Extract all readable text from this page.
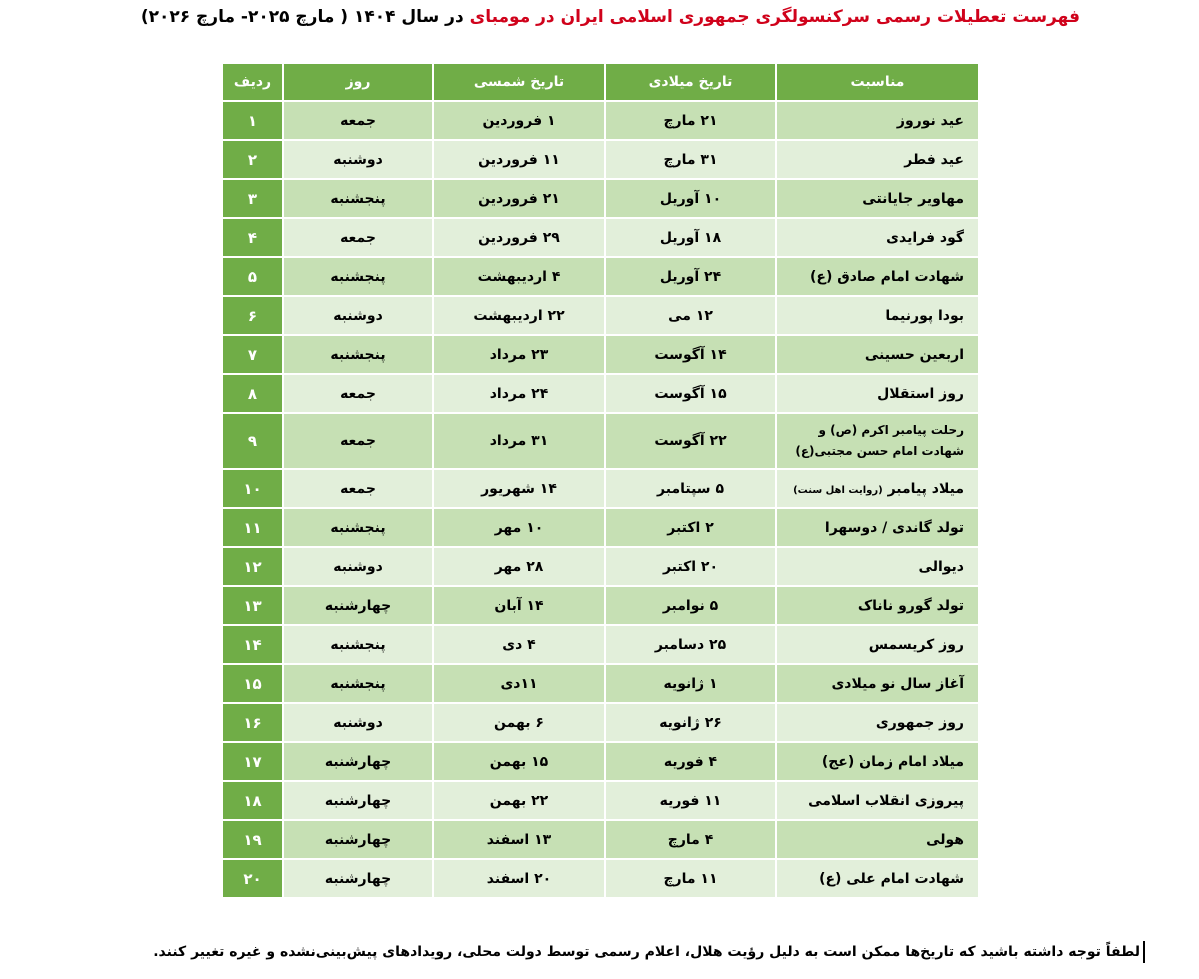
فهرست تعطیلات رسمی سرکنسولگری جمهوری اسلامی ایران در مومبای در سال ۱۴۰۴ ( مارچ ۲۰۲۵- مارچ ۲۰۲۶)
مناسبت	تاریخ میلادی	تاریخ شمسی	روز	ردیف
عید نوروز	۲۱ مارچ	۱ فروردین	جمعه	۱
عید فطر	۳۱ مارچ	۱۱ فروردین	دوشنبه	۲
مهاویر جایانتی	۱۰ آوریل	۲۱ فروردین	پنجشنبه	۳
گود فرایدی	۱۸ آوریل	۲۹ فروردین	جمعه	۴
شهادت امام صادق (ع)	۲۴ آوریل	۴ اردیبهشت	پنجشنبه	۵
بودا پورنیما	۱۲ می	۲۲ اردیبهشت	دوشنبه	۶
اربعین حسینی	۱۴ آگوست	۲۳ مرداد	پنجشنبه	۷
روز استقلال	۱۵ آگوست	۲۴ مرداد	جمعه	۸

رحلت پیامبر اکرم (ص) و
شهادت امام حسن مجتبی(ع)	۲۲ آگوست	۳۱ مرداد	جمعه	۹
میلاد پیامبر (روایت اهل سنت)	۵ سپتامبر	۱۴ شهریور	جمعه	۱۰
تولد گاندی / دوسهرا	۲ اکتبر	۱۰ مهر	پنجشنبه	۱۱
دیوالی	۲۰ اکتبر	۲۸ مهر	دوشنبه	۱۲
تولد گورو ناناک	۵ نوامبر	۱۴ آبان	چهارشنبه	۱۳
روز کریسمس	۲۵ دسامبر	۴ دی	پنجشنبه	۱۴
آغاز سال نو میلادی	۱ ژانویه	۱۱دی	پنجشنبه	۱۵
روز جمهوری	۲۶ ژانویه	۶ بهمن	دوشنبه	۱۶
میلاد امام زمان (عج)	۴ فوریه	۱۵ بهمن	چهارشنبه	۱۷
پیروزی انقلاب اسلامی	۱۱ فوریه	۲۲ بهمن	چهارشنبه	۱۸
هولی	۴ مارچ	۱۳ اسفند	چهارشنبه	۱۹
شهادت امام علی (ع)	۱۱ مارچ	۲۰ اسفند	چهارشنبه	۲۰
لطفاً توجه داشته باشید که تاریخ‌ها ممکن است به دلیل رؤیت هلال، اعلام رسمی توسط دولت محلی، رویدادهای پیش‌بینی‌نشده و غیره تغییر کنند.
